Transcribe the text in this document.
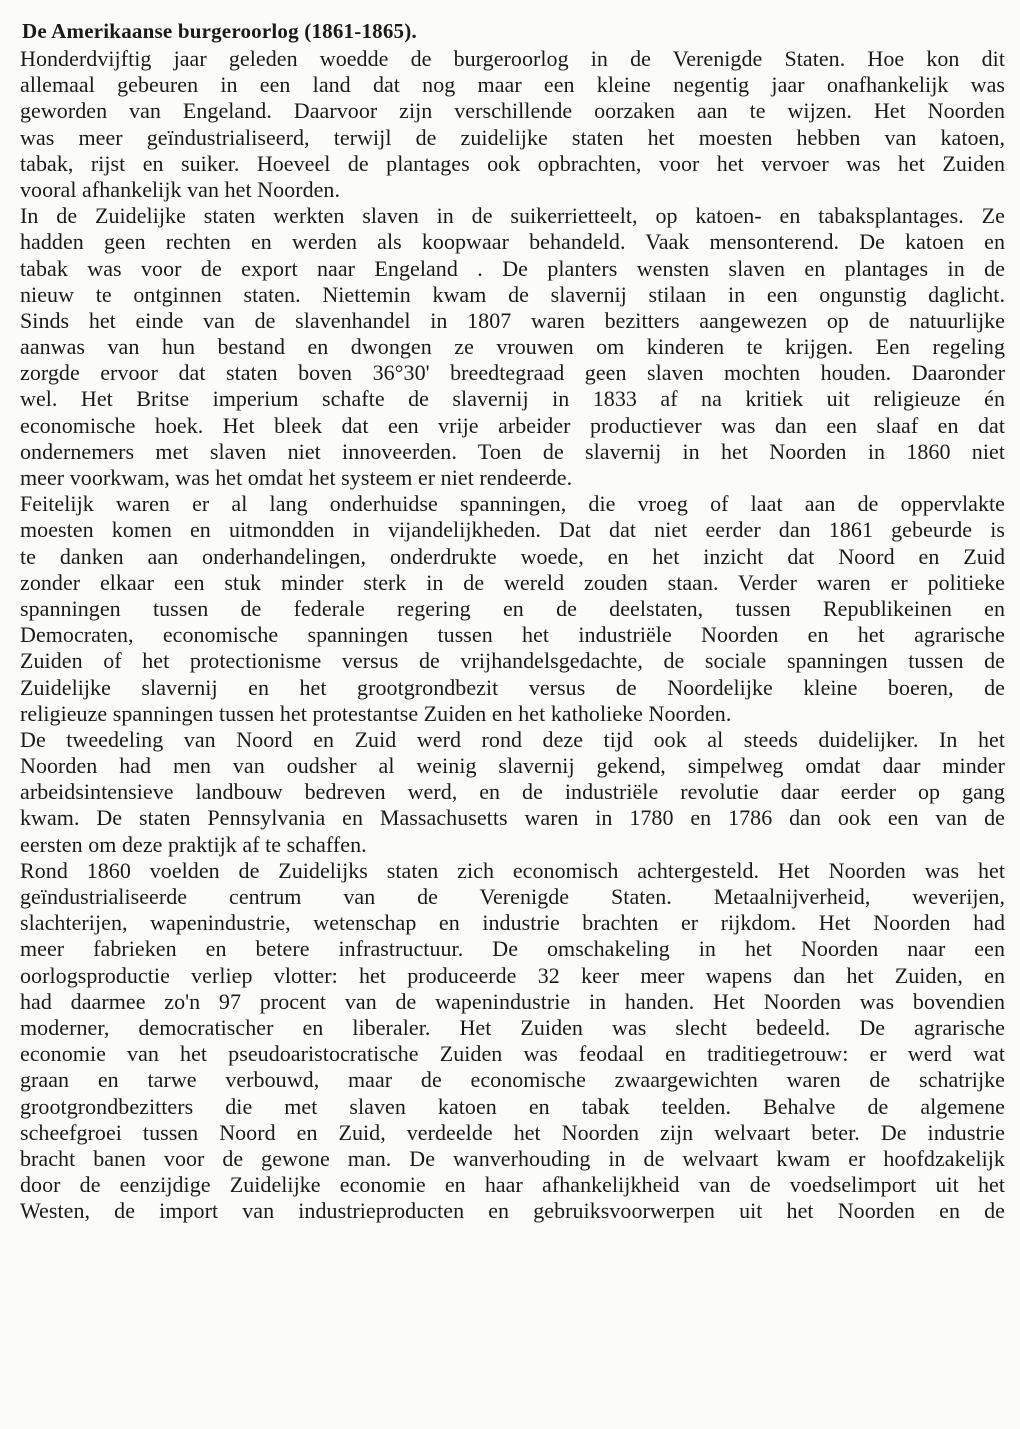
De Amerikaanse burgeroorlog (1861-1865).
Honderdvijftig jaar geleden woedde de burgeroorlog in de Verenigde Staten. Hoe kon dit
allemaal gebeuren in een land dat nog maar een kleine negentig jaar onafhankelijk was
geworden van Engeland. Daarvoor zijn verschillende oorzaken aan te wijzen. Het Noorden
was meer geïndustrialiseerd, terwijl de zuidelijke staten het moesten hebben van katoen,
tabak, rijst en suiker. Hoeveel de plantages ook opbrachten, voor het vervoer was het Zuiden
vooral afhankelijk van het Noorden.
In de Zuidelijke staten werkten slaven in de suikerrietteelt, op katoen- en tabaksplantages. Ze
hadden geen rechten en werden als koopwaar behandeld. Vaak mensonterend. De katoen en
tabak was voor de export naar Engeland . De planters wensten slaven en plantages in de
nieuw te ontginnen staten. Niettemin kwam de slavernij stilaan in een ongunstig daglicht.
Sinds het einde van de slavenhandel in 1807 waren bezitters aangewezen op de natuurlijke
aanwas van hun bestand en dwongen ze vrouwen om kinderen te krijgen. Een regeling
zorgde ervoor dat staten boven 36°30' breedtegraad geen slaven mochten houden. Daaronder
wel. Het Britse imperium schafte de slavernij in 1833 af na kritiek uit religieuze én
economische hoek. Het bleek dat een vrije arbeider productiever was dan een slaaf en dat
ondernemers met slaven niet innoveerden. Toen de slavernij in het Noorden in 1860 niet
meer voorkwam, was het omdat het systeem er niet rendeerde.
Feitelijk waren er al lang onderhuidse spanningen, die vroeg of laat aan de oppervlakte
moesten komen en uitmondden in vijandelijkheden. Dat dat niet eerder dan 1861 gebeurde is
te danken aan onderhandelingen, onderdrukte woede, en het inzicht dat Noord en Zuid
zonder elkaar een stuk minder sterk in de wereld zouden staan. Verder waren er politieke
spanningen tussen de federale regering en de deelstaten, tussen Republikeinen en
Democraten, economische spanningen tussen het industriële Noorden en het agrarische
Zuiden of het protectionisme versus de vrijhandelsgedachte, de sociale spanningen tussen de
Zuidelijke slavernij en het grootgrondbezit versus de Noordelijke kleine boeren, de
religieuze spanningen tussen het protestantse Zuiden en het katholieke Noorden.
De tweedeling van Noord en Zuid werd rond deze tijd ook al steeds duidelijker. In het
Noorden had men van oudsher al weinig slavernij gekend, simpelweg omdat daar minder
arbeidsintensieve landbouw bedreven werd, en de industriële revolutie daar eerder op gang
kwam. De staten Pennsylvania en Massachusetts waren in 1780 en 1786 dan ook een van de
eersten om deze praktijk af te schaffen.
Rond 1860 voelden de Zuidelijks staten zich economisch achtergesteld. Het Noorden was het
geïndustrialiseerde centrum van de Verenigde Staten. Metaalnijverheid, weverijen,
slachterijen, wapenindustrie, wetenschap en industrie brachten er rijkdom. Het Noorden had
meer fabrieken en betere infrastructuur. De omschakeling in het Noorden naar een
oorlogsproductie verliep vlotter: het produceerde 32 keer meer wapens dan het Zuiden, en
had daarmee zo'n 97 procent van de wapenindustrie in handen. Het Noorden was bovendien
moderner, democratischer en liberaler. Het Zuiden was slecht bedeeld. De agrarische
economie van het pseudoaristocratische Zuiden was feodaal en traditiegetrouw: er werd wat
graan en tarwe verbouwd, maar de economische zwaargewichten waren de schatrijke
grootgrondbezitters die met slaven katoen en tabak teelden. Behalve de algemene
scheefgroei tussen Noord en Zuid, verdeelde het Noorden zijn welvaart beter. De industrie
bracht banen voor de gewone man. De wanverhouding in de welvaart kwam er hoofdzakelijk
door de eenzijdige Zuidelijke economie en haar afhankelijkheid van de voedselimport uit het
Westen, de import van industrieproducten en gebruiksvoorwerpen uit het Noorden en de
